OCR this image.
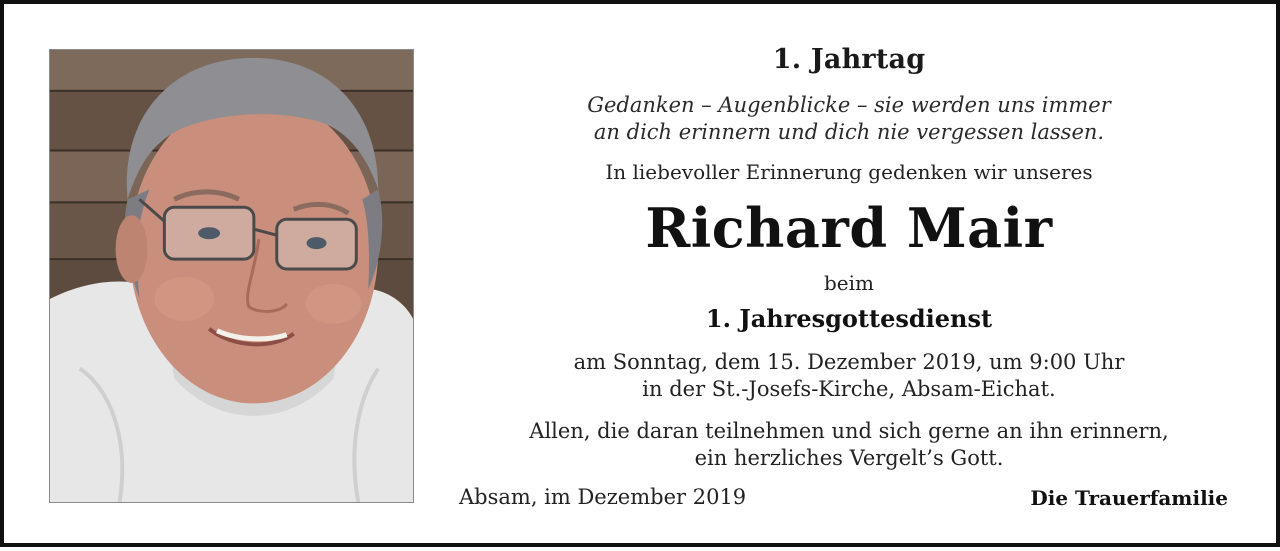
1. Jahrtag
Gedanken – Augenblicke – sie werden uns immer
an dich erinnern und dich nie vergessen lassen.
In liebevoller Erinnerung gedenken wir unseres
Richard Mair
beim
1. Jahresgottesdienst
am Sonntag, dem 15. Dezember 2019, um 9:00 Uhr
in der St.-Josefs-Kirche, Absam-Eichat.
Allen, die daran teilnehmen und sich gerne an ihn erinnern,
ein herzliches Vergelt’s Gott.
Absam, im Dezember 2019	Die Trauerfamilie
